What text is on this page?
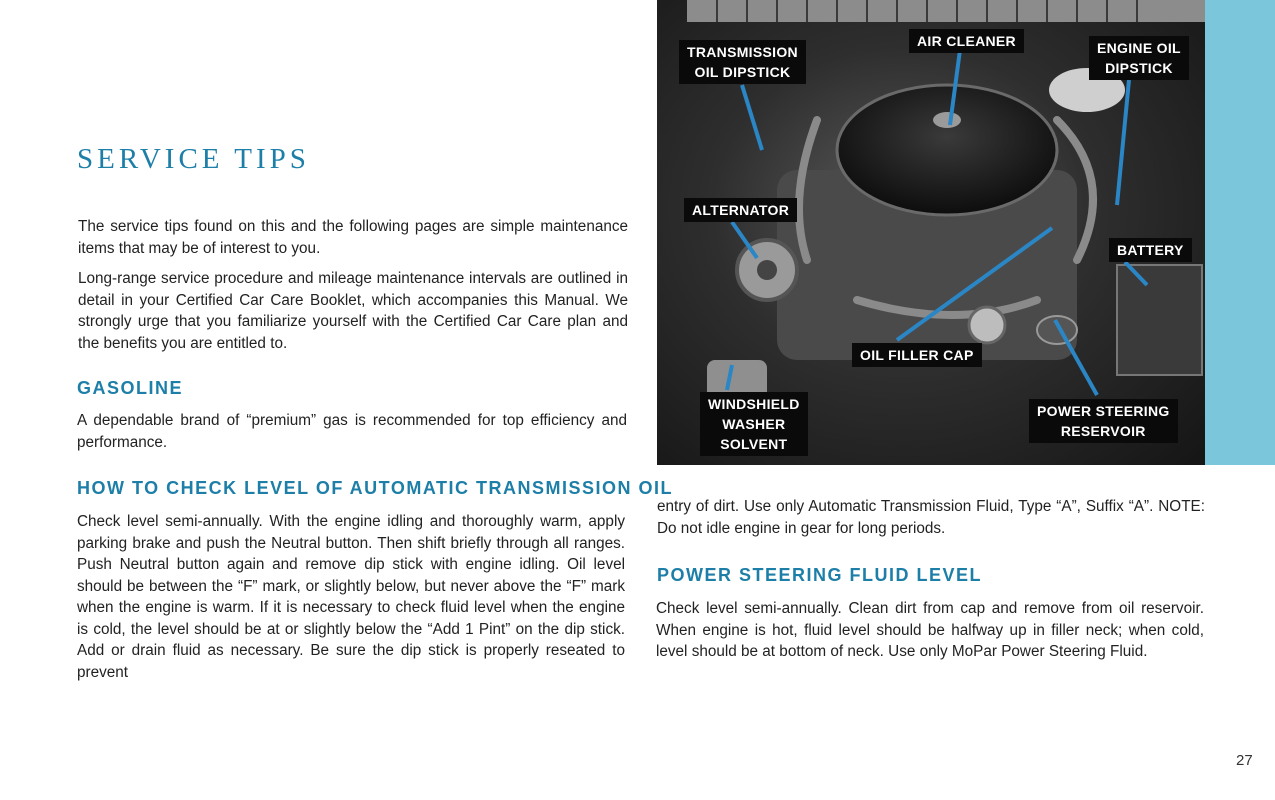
TRANSMISSION
OIL DIPSTICK
AIR CLEANER	ENGINE OIL
DIPSTICK
ALTERNATOR
BATTERY
OIL FILLER CAP
WINDSHIELD
WASHER
SOLVENT
POWER STEERING
RESERVOIR
SERVICE TIPS

The service tips found on this and the following pages are simple maintenance items that may be of interest to you.

Long-range service procedure and mileage maintenance intervals are outlined in detail in your Certified Car Care Booklet, which accompanies this Manual. We strongly urge that you familiarize yourself with the Certified Car Care plan and the benefits you are entitled to.

GASOLINE

A dependable brand of “premium” gas is recommended for top efficiency and performance.

HOW TO CHECK LEVEL OF AUTOMATIC TRANSMISSION OIL

Check level semi-annually. With the engine idling and thoroughly warm, apply parking brake and push the Neutral button. Then shift briefly through all ranges. Push Neutral button again and remove dip stick with engine idling. Oil level should be between the “F” mark, or slightly below, but never above the “F” mark when the engine is warm. If it is necessary to check fluid level when the engine is cold, the level should be at or slightly below the “Add 1 Pint” on the dip stick. Add or drain fluid as necessary. Be sure the dip stick is properly reseated to prevent

entry of dirt. Use only Automatic Transmission Fluid, Type “A”, Suffix “A”. NOTE: Do not idle engine in gear for long periods.

POWER STEERING FLUID LEVEL

Check level semi-annually. Clean dirt from cap and remove from oil reservoir. When engine is hot, fluid level should be halfway up in filler neck; when cold, level should be at bottom of neck. Use only MoPar Power Steering Fluid.

27
